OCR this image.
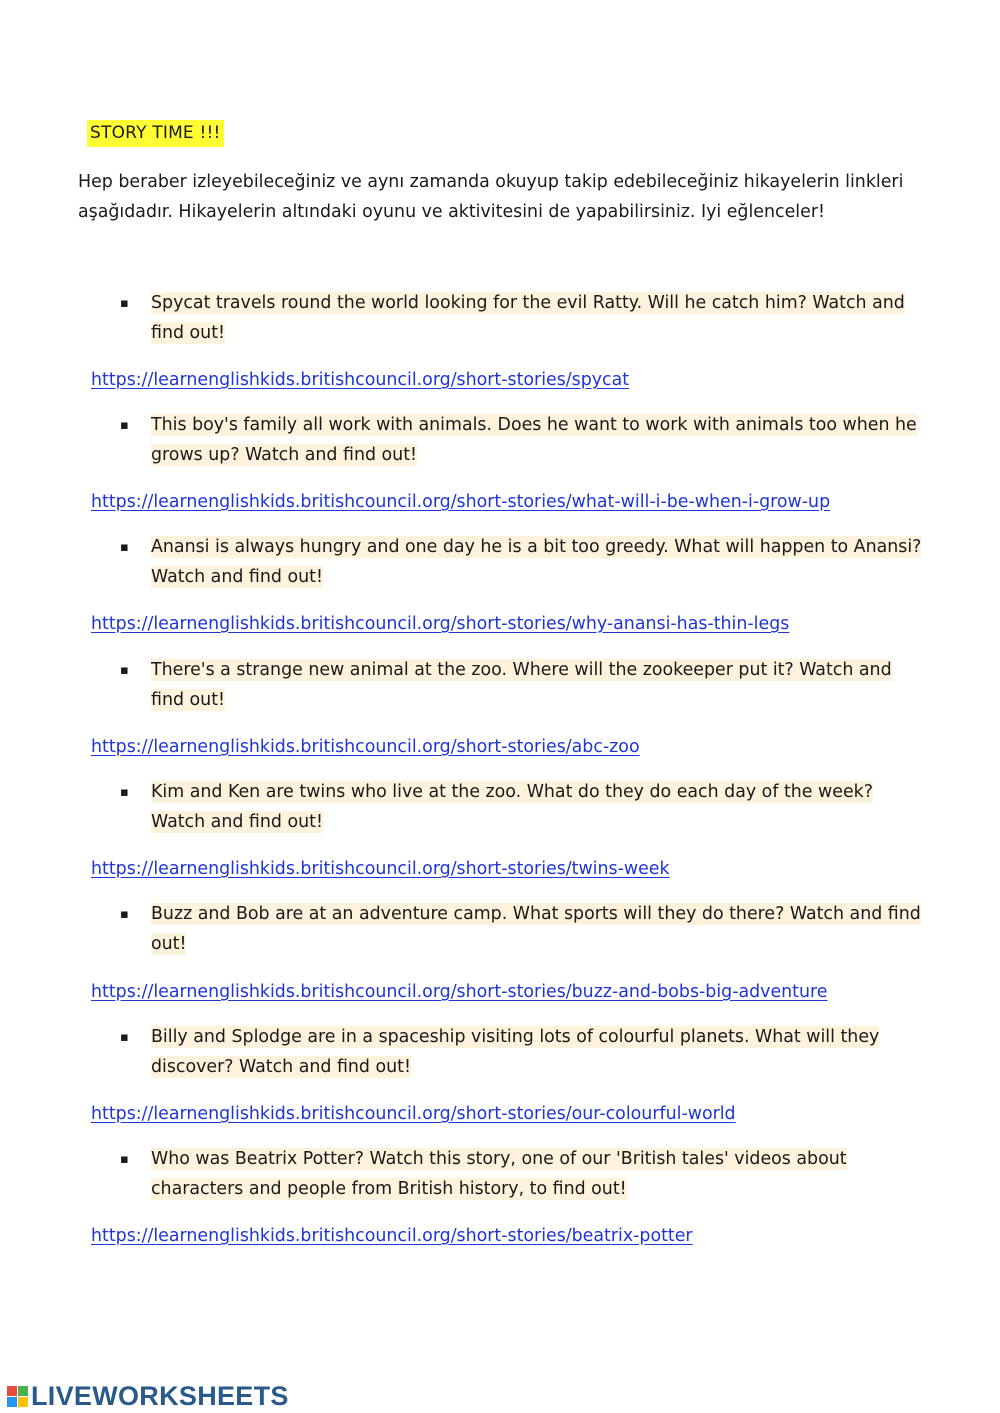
STORY TIME !!!
Hep beraber izleyebileceğiniz ve aynı zamanda okuyup takip edebileceğiniz hikayelerin linkleri aşağıdadır. Hikayelerin altındaki oyunu ve aktivitesini de yapabilirsiniz. Iyi eğlenceler!
▪ Spycat travels round the world looking for the evil Ratty. Will he catch him? Watch and find out!
https://learnenglishkids.britishcouncil.org/short-stories/spycat
▪ This boy's family all work with animals. Does he want to work with animals too when he grows up? Watch and find out!
https://learnenglishkids.britishcouncil.org/short-stories/what-will-i-be-when-i-grow-up
▪ Anansi is always hungry and one day he is a bit too greedy. What will happen to Anansi? Watch and find out!
https://learnenglishkids.britishcouncil.org/short-stories/why-anansi-has-thin-legs
▪ There's a strange new animal at the zoo. Where will the zookeeper put it? Watch and find out!
https://learnenglishkids.britishcouncil.org/short-stories/abc-zoo
▪ Kim and Ken are twins who live at the zoo. What do they do each day of the week? Watch and find out!
https://learnenglishkids.britishcouncil.org/short-stories/twins-week
▪ Buzz and Bob are at an adventure camp. What sports will they do there? Watch and find out!
https://learnenglishkids.britishcouncil.org/short-stories/buzz-and-bobs-big-adventure
▪ Billy and Splodge are in a spaceship visiting lots of colourful planets. What will they discover? Watch and find out!
https://learnenglishkids.britishcouncil.org/short-stories/our-colourful-world
▪ Who was Beatrix Potter? Watch this story, one of our 'British tales' videos about characters and people from British history, to find out!
https://learnenglishkids.britishcouncil.org/short-stories/beatrix-potter
LIVEWORKSHEETS
